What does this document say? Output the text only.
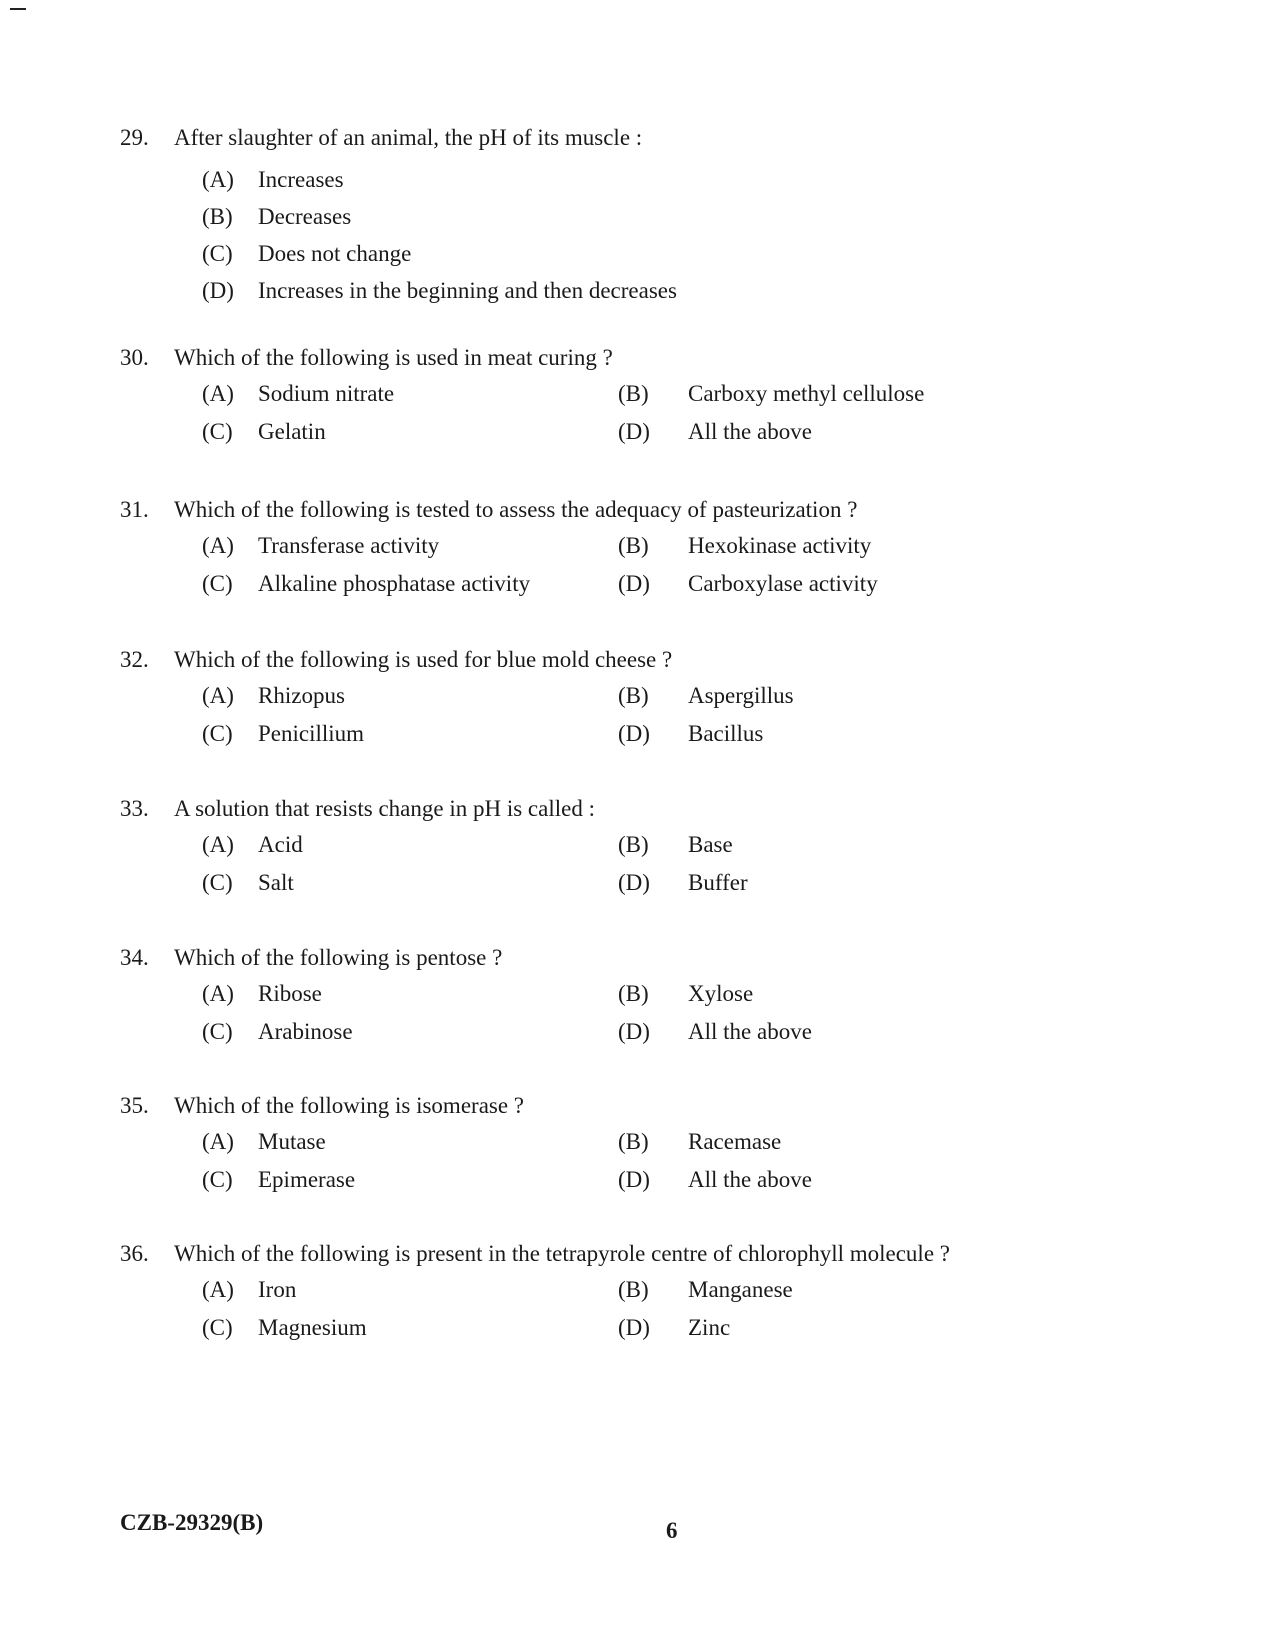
29.	After slaughter of an animal, the pH of its muscle :
(A)	Increases
(B)	Decreases
(C)	Does not change
(D)	Increases in the beginning and then decreases
30.	Which of the following is used in meat curing ?
(A)	Sodium nitrate	(B)	Carboxy methyl cellulose
(C)	Gelatin	(D)	All the above
31.	Which of the following is tested to assess the adequacy of pasteurization ?
(A)	Transferase activity	(B)	Hexokinase activity
(C)	Alkaline phosphatase activity	(D)	Carboxylase activity
32.	Which of the following is used for blue mold cheese ?
(A)	Rhizopus	(B)	Aspergillus
(C)	Penicillium	(D)	Bacillus
33.	A solution that resists change in pH is called :
(A)	Acid	(B)	Base
(C)	Salt	(D)	Buffer
34.	Which of the following is pentose ?
(A)	Ribose	(B)	Xylose
(C)	Arabinose	(D)	All the above
35.	Which of the following is isomerase ?
(A)	Mutase	(B)	Racemase
(C)	Epimerase	(D)	All the above
36.	Which of the following is present in the tetrapyrole centre of chlorophyll molecule ?
(A)	Iron	(B)	Manganese
(C)	Magnesium	(D)	Zinc
CZB-29329(B)	6
